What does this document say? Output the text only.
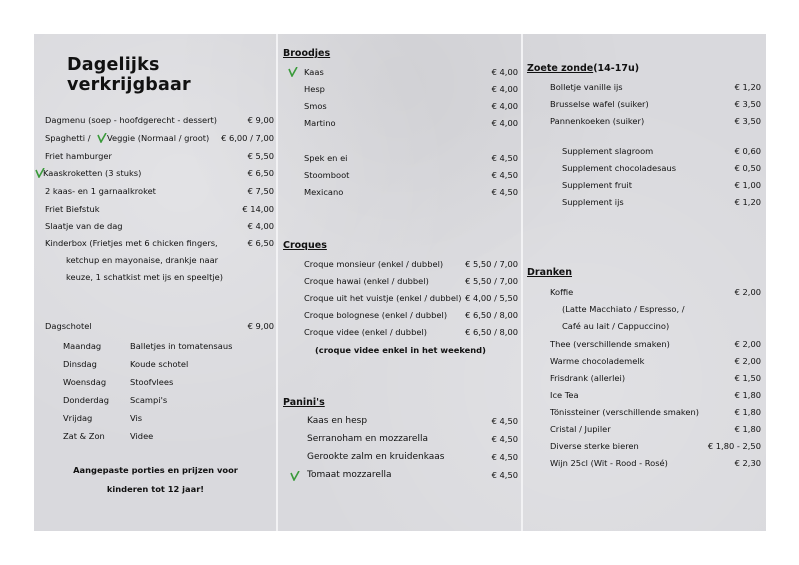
Dagelijks verkrijgbaar
Dagmenu (soep - hoofdgerecht - dessert)	€ 9,00
Spaghetti / Veggie (Normaal / groot) € 6,00 / 7,00
Friet hamburger	€ 5,50
Kaaskroketten (3 stuks)	€ 6,50
2 kaas- en 1 garnaalkroket	€ 7,50
Friet Biefstuk	€ 14,00
Slaatje van de dag	€ 4,00
Kinderbox (Frietjes met 6 chicken fingers,	€ 6,50
ketchup en mayonaise, drankje naar
keuze, 1 schatkist met ijs en speeltje)
Dagschotel	€ 9,00
Maandag	Balletjes in tomatensaus
Dinsdag	Koude schotel
Woensdag	Stoofvlees
Donderdag	Scampi's
Vrijdag	Vis
Zat & Zon	Videe
Aangepaste porties en prijzen voor
kinderen tot 12 jaar!
Broodjes
Kaas	€ 4,00
Hesp	€ 4,00
Smos	€ 4,00
Martino	€ 4,00
Spek en ei	€ 4,50
Stoomboot	€ 4,50
Mexicano	€ 4,50
Croques
Croque monsieur (enkel / dubbel)	€ 5,50 / 7,00
Croque hawai (enkel / dubbel)	€ 5,50 / 7,00
Croque uit het vuistje (enkel / dubbel) € 4,00 / 5,50
Croque bolognese (enkel / dubbel) € 6,50 / 8,00
Croque videe (enkel / dubbel)	€ 6,50 / 8,00
(croque videe enkel in het weekend)
Panini's
Kaas en hesp	€ 4,50
Serranoham en mozzarella	€ 4,50
Gerookte zalm en kruidenkaas	€ 4,50
Tomaat mozzarella	€ 4,50
Zoete zonde(14-17u)
Bolletje vanille ijs	€ 1,20
Brusselse wafel (suiker)	€ 3,50
Pannenkoeken (suiker)	€ 3,50
Supplement slagroom	€ 0,60
Supplement chocoladesaus	€ 0,50
Supplement fruit	€ 1,00
Supplement ijs	€ 1,20
Dranken
Koffie	€ 2,00
(Latte Macchiato / Espresso, /
Café au lait / Cappuccino)
Thee (verschillende smaken)	€ 2,00
Warme chocolademelk	€ 2,00
Frisdrank (allerlei)	€ 1,50
Ice Tea	€ 1,80
Tönissteiner (verschillende smaken)	€ 1,80
Cristal / Jupiler	€ 1,80
Diverse sterke bieren	€ 1,80 - 2,50
Wijn 25cl (Wit - Rood - Rosé)	€ 2,30
